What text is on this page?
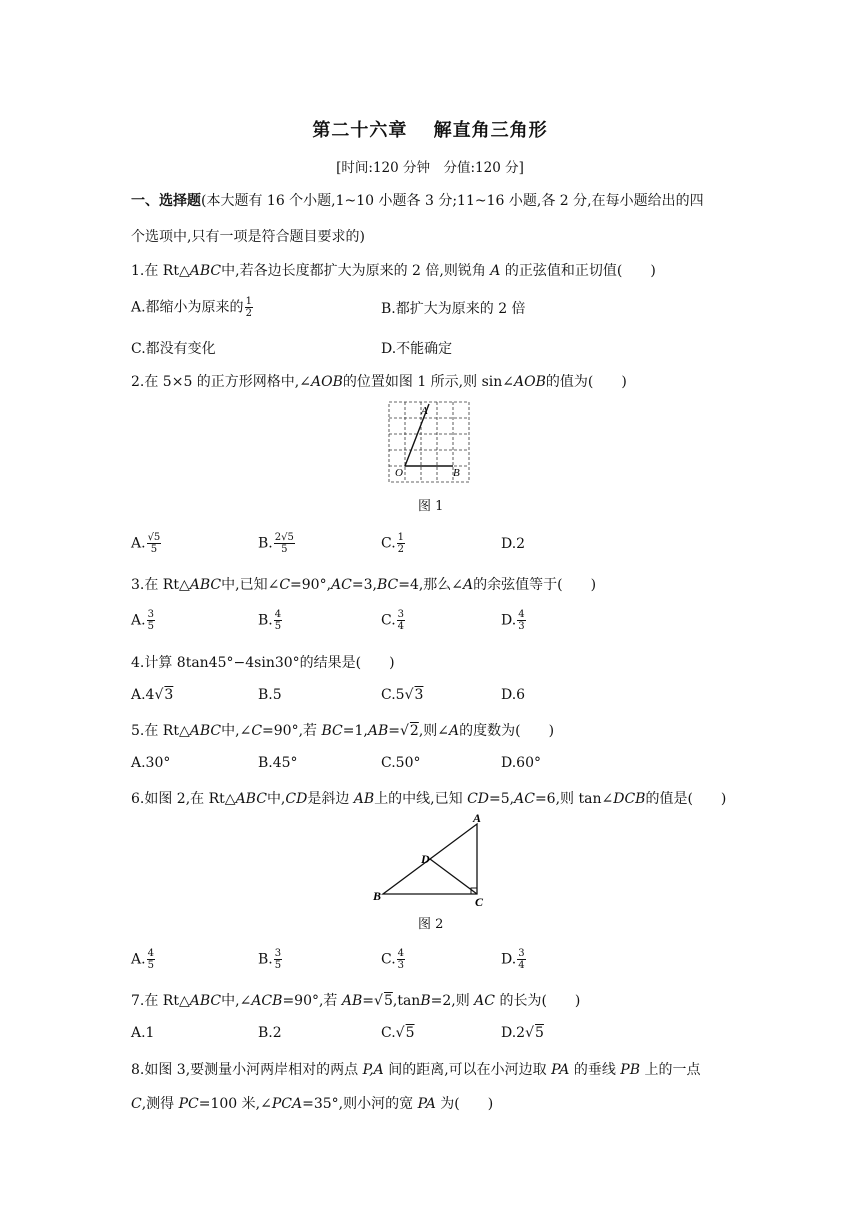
第二十六章　 解直角三角形
[时间:120 分钟　分值:120 分]
一、选择题(本大题有 16 个小题,1~10 小题各 3 分;11~16 小题,各 2 分,在每小题给出的四
个选项中,只有一项是符合题目要求的)
1.在 Rt△ABC中,若各边长度都扩大为原来的 2 倍,则锐角 A 的正弦值和正切值(　　)
A.都缩小为原来的 $\frac{1}{2}$	B.都扩大为原来的 2 倍
C.都没有变化	D.不能确定
2.在 5×5 的正方形网格中,∠AOB的位置如图 1 所示,则 sin∠AOB的值为(　　)
A
O	B
图 1
A. $\frac{√5}{5}$	B. $\frac{2√5}{5}$	C. $\frac{1}{2}$	D.2
3.在 Rt△ABC中,已知∠C=90°,AC=3,BC=4,那么∠A的余弦值等于(　　)
A. $\frac{3}{5}$	B. $\frac{4}{5}$	C. $\frac{3}{4}$	D. $\frac{4}{3}$
4.计算 8tan45°−4sin30°的结果是(　　)
A.4√3	B.5	C.5√3	D.6
5.在 Rt△ABC中,∠C=90°,若 BC=1,AB=√2,则∠A的度数为(　　)
A.30°	B.45°	C.50°	D.60°
6.如图 2,在 Rt△ABC中,CD是斜边 AB上的中线,已知 CD=5,AC=6,则 tan∠DCB的值是(　　)
A
D
B	C
图 2
A. $\frac{4}{5}$	B. $\frac{3}{5}$	C. $\frac{4}{3}$	D. $\frac{3}{4}$
7.在 Rt△ABC中,∠ACB=90°,若 AB=√5,tanB=2,则 AC 的长为(　　)
A.1	B.2	C.√5	D.2√5
8.如图 3,要测量小河两岸相对的两点 P,A 间的距离,可以在小河边取 PA 的垂线 PB 上的一点
C,测得 PC=100 米,∠PCA=35°,则小河的宽 PA 为(　　)
